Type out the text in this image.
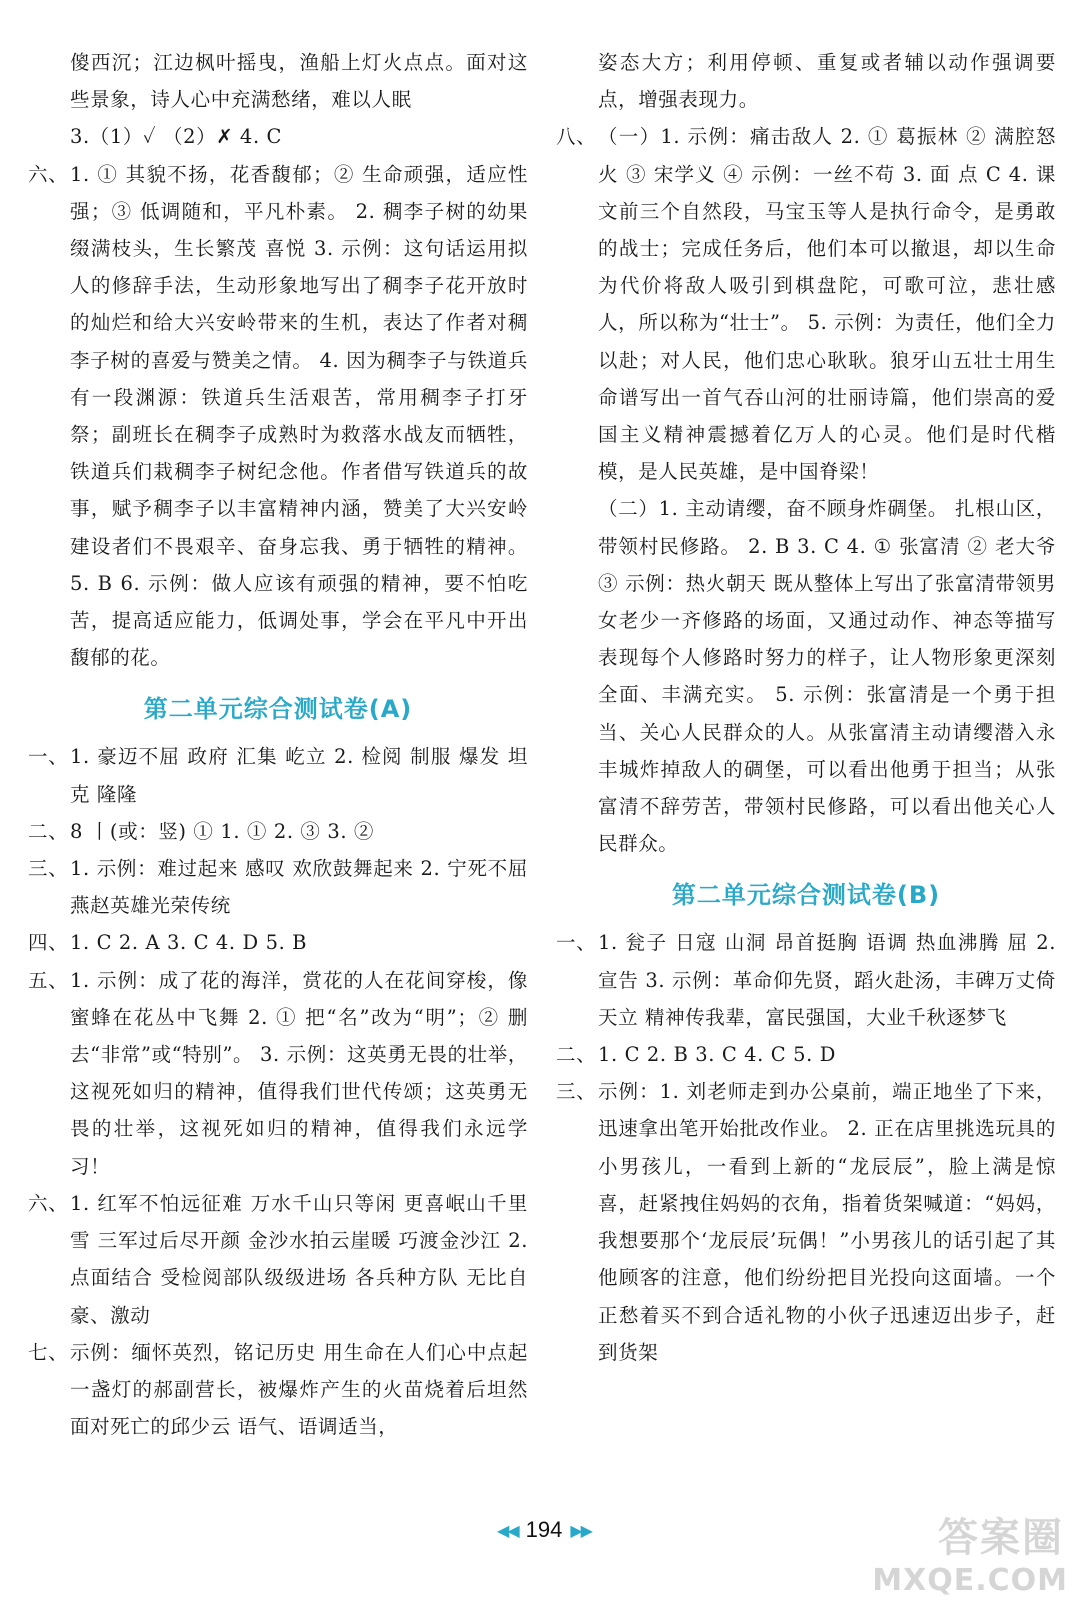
傻西沉；江边枫叶摇曳，渔船上灯火点点。面对这些景象，诗人心中充满愁绪，难以人眠
3.（1）✓ （2）✗ 4. C
六、 1. ① 其貌不扬，花香馥郁；② 生命顽强，适应性强；③ 低调随和，平凡朴素。 2. 稠李子树的幼果缀满枝头，生长繁茂 喜悦 3. 示例：这句话运用拟人的修辞手法，生动形象地写出了稠李子花开放时的灿烂和给大兴安岭带来的生机，表达了作者对稠李子树的喜爱与赞美之情。 4. 因为稠李子与铁道兵有一段渊源：铁道兵生活艰苦，常用稠李子打牙祭；副班长在稠李子成熟时为救落水战友而牺牲，铁道兵们栽稠李子树纪念他。作者借写铁道兵的故事，赋予稠李子以丰富精神内涵，赞美了大兴安岭建设者们不畏艰辛、奋身忘我、勇于牺牲的精神。 5. B 6. 示例：做人应该有顽强的精神，要不怕吃苦，提高适应能力，低调处事，学会在平凡中开出馥郁的花。
第二单元综合测试卷(A)
一、 1. 豪迈不屈 政府 汇集 屹立 2. 检阅 制服 爆发 坦克 隆隆
二、 8 丨(或：竖) ① 1. ① 2. ③ 3. ②
三、 1. 示例：难过起来 感叹 欢欣鼓舞起来 2. 宁死不屈 燕赵英雄光荣传统
四、 1. C 2. A 3. C 4. D 5. B
五、 1. 示例：成了花的海洋，赏花的人在花间穿梭，像蜜蜂在花丛中飞舞 2. ① 把“名”改为“明”；② 删去“非常”或“特别”。 3. 示例：这英勇无畏的壮举，这视死如归的精神，值得我们世代传颂；这英勇无畏的壮举，这视死如归的精神，值得我们永远学习！
六、 1. 红军不怕远征难 万水千山只等闲 更喜岷山千里雪 三军过后尽开颜 金沙水拍云崖暖 巧渡金沙江 2. 点面结合 受检阅部队级级进场 各兵种方队 无比自豪、激动
七、 示例：缅怀英烈，铭记历史 用生命在人们心中点起一盏灯的郝副营长，被爆炸产生的火苗烧着后坦然面对死亡的邱少云 语气、语调适当，
姿态大方；利用停顿、重复或者辅以动作强调要点，增强表现力。
八、 （一）1. 示例：痛击敌人 2. ① 葛振林 ② 满腔怒火 ③ 宋学义 ④ 示例：一丝不苟 3. 面 点 C 4. 课文前三个自然段，马宝玉等人是执行命令，是勇敢的战士；完成任务后，他们本可以撤退，却以生命为代价将敌人吸引到棋盘陀，可歌可泣，悲壮感人，所以称为“壮士”。 5. 示例：为责任，他们全力以赴；对人民，他们忠心耿耿。狼牙山五壮士用生命谱写出一首气吞山河的壮丽诗篇，他们崇高的爱国主义精神震撼着亿万人的心灵。他们是时代楷模，是人民英雄，是中国脊梁！
（二）1. 主动请缨，奋不顾身炸碉堡。 扎根山区，带领村民修路。 2. B 3. C 4. ① 张富清 ② 老大爷 ③ 示例：热火朝天 既从整体上写出了张富清带领男女老少一齐修路的场面，又通过动作、神态等描写表现每个人修路时努力的样子，让人物形象更深刻全面、丰满充实。 5. 示例：张富清是一个勇于担当、关心人民群众的人。从张富清主动请缨潜入永丰城炸掉敌人的碉堡，可以看出他勇于担当；从张富清不辞劳苦，带领村民修路，可以看出他关心人民群众。
第二单元综合测试卷(B)
一、 1. 瓮子 日寇 山洞 昂首挺胸 语调 热血沸腾 屈 2. 宣告 3. 示例：革命仰先贤，蹈火赴汤，丰碑万丈倚天立 精神传我辈，富民强国，大业千秋逐梦飞
二、 1. C 2. B 3. C 4. C 5. D
三、 示例：1. 刘老师走到办公桌前，端正地坐了下来，迅速拿出笔开始批改作业。 2. 正在店里挑选玩具的小男孩儿，一看到上新的“龙辰辰”，脸上满是惊喜，赶紧拽住妈妈的衣角，指着货架喊道：“妈妈，我想要那个‘龙辰辰’玩偶！”小男孩儿的话引起了其他顾客的注意，他们纷纷把目光投向这面墙。一个正愁着买不到合适礼物的小伙子迅速迈出步子，赶到货架
◀◀ 194 ▶▶	答案圈
MXQE.COM
